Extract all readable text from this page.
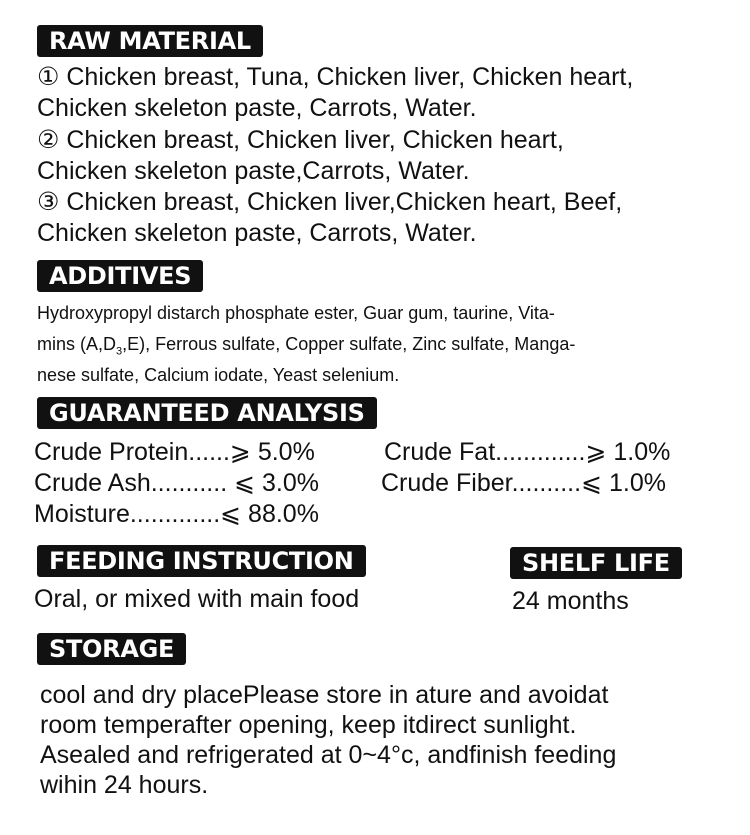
RAW MATERIAL
① Chicken breast, Tuna, Chicken liver, Chicken heart,
Chicken skeleton paste, Carrots, Water.
② Chicken breast, Chicken liver, Chicken heart,
Chicken skeleton paste,Carrots, Water.
③ Chicken breast, Chicken liver,Chicken heart, Beef,
Chicken skeleton paste, Carrots, Water.
ADDITIVES
Hydroxypropyl distarch phosphate ester, Guar gum, taurine, Vita-
mins $(A,D_3,E)$, Ferrous sulfate, Copper sulfate, Zinc sulfate, Manga-
nese sulfate, Calcium iodate, Yeast selenium.
GUARANTEED ANALYSIS
Crude Protein......⩾ 5.0%	Crude Fat.............⩾ 1.0%
Crude Ash........... ⩽ 3.0% Crude Fiber..........⩽ 1.0%
Moisture.............⩽ 88.0%
FEEDING INSTRUCTION
Oral, or mixed with main food
SHELF LIFE
24 months
STORAGE
cool and dry placePlease store in ature and avoidat
room temperafter opening, keep itdirect sunlight.
Asealed and refrigerated at 0~4°c, andfinish feeding
wihin 24 hours.
